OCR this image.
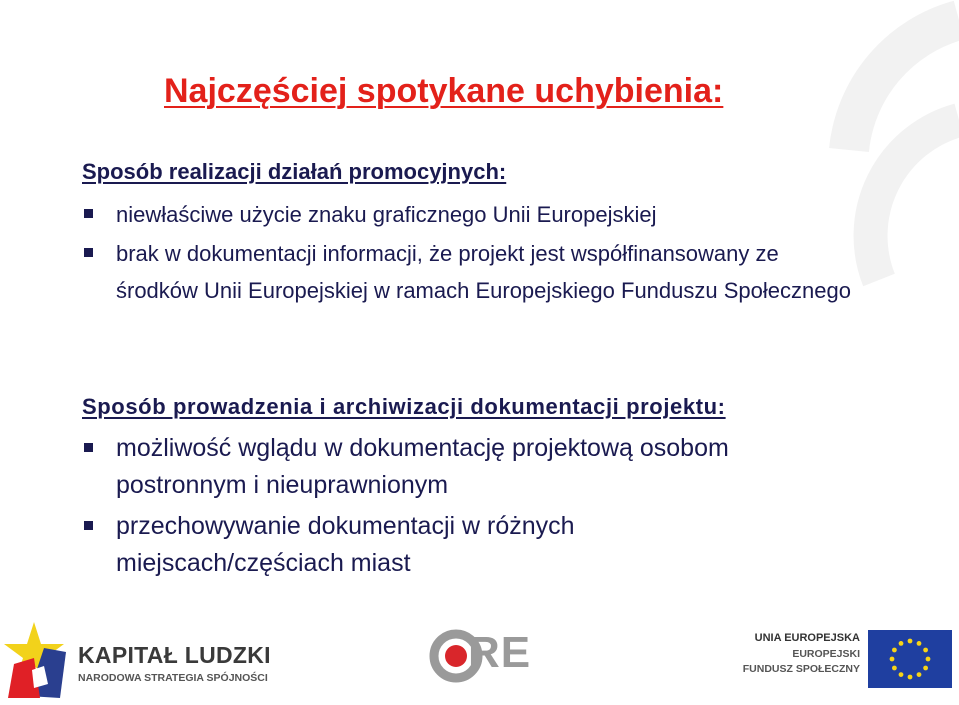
Najczęściej spotykane uchybienia:
Sposób realizacji działań promocyjnych:
niewłaściwe użycie znaku graficznego Unii Europejskiej
brak w dokumentacji informacji, że projekt jest współfinansowany ze środków Unii Europejskiej w ramach Europejskiego Funduszu Społecznego
Sposób prowadzenia i archiwizacji dokumentacji projektu:
możliwość wglądu w dokumentację projektową osobom postronnym i nieuprawnionym
przechowywanie dokumentacji w różnych miejscach/częściach miast
KAPITAŁ LUDZKI
NARODOWA STRATEGIA SPÓJNOŚCI
RE	UNIA EUROPEJSKA
EUROPEJSKI
FUNDUSZ SPOŁECZNY
